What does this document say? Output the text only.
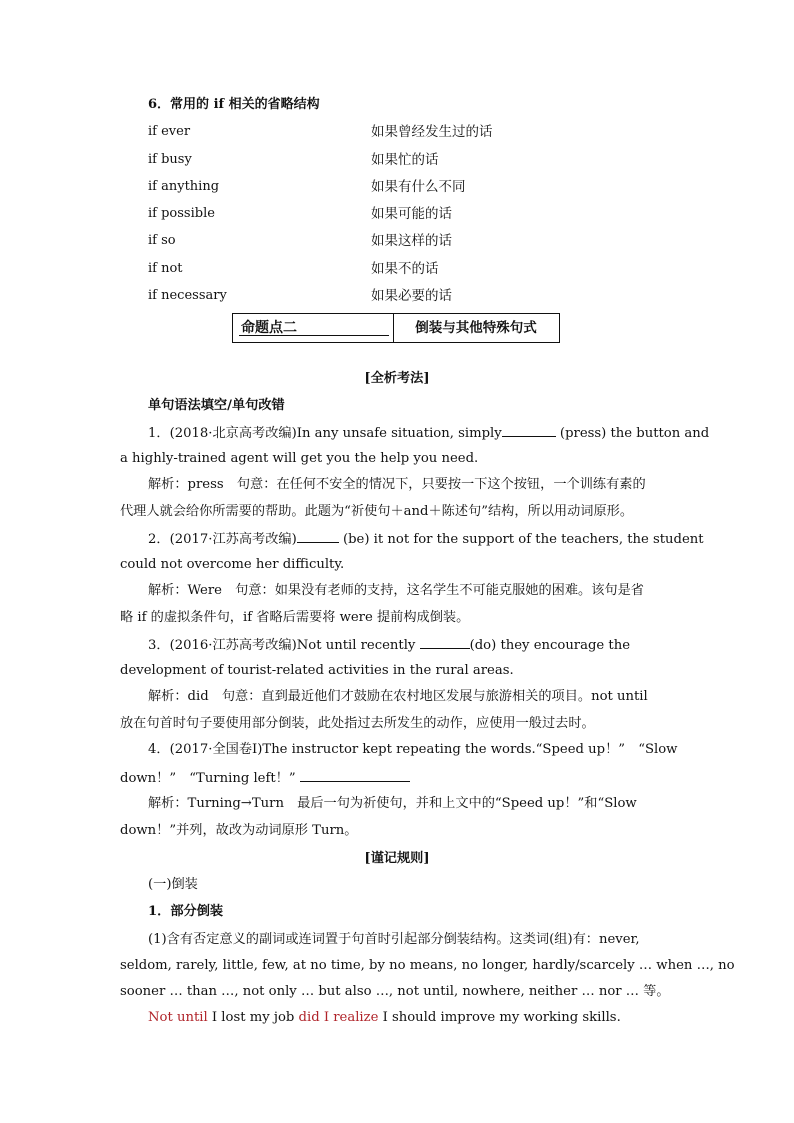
6．常用的 if 相关的省略结构
if ever	如果曾经发生过的话
if busy	如果忙的话
if anything	如果有什么不同
if possible	如果可能的话
if so	如果这样的话
if not	如果不的话
if necessary	如果必要的话
命题点二	倒装与其他特殊句式
[全析考法]
单句语法填空/单句改错
1．(2018·北京高考改编)In any unsafe situation, simply	(press) the button and
a highly-trained agent will get you the help you need.
解析：press　句意：在任何不安全的情况下，只要按一下这个按钮，一个训练有素的
代理人就会给你所需要的帮助。此题为“祈使句＋and＋陈述句”结构，所以用动词原形。
2．(2017·江苏高考改编)	(be) it not for the support of the teachers, the student
could not overcome her difficulty.
解析：Were　句意：如果没有老师的支持，这名学生不可能克服她的困难。该句是省
略 if 的虚拟条件句，if 省略后需要将 were 提前构成倒装。
3．(2016·江苏高考改编)Not until recently	(do) they encourage the
development of tourist-related activities in the rural areas.
解析：did　句意：直到最近他们才鼓励在农村地区发展与旅游相关的项目。not until
放在句首时句子要使用部分倒装，此处指过去所发生的动作，应使用一般过去时。
4．(2017·全国卷Ⅰ)The instructor kept repeating the words.“Speed up！”　“Slow
down！”　“Turning left！”
解析：Turning→Turn　最后一句为祈使句，并和上文中的“Speed up！”和“Slow
down！”并列，故改为动词原形 Turn。
[谨记规则]
(一)倒装
1．部分倒装
(1)含有否定意义的副词或连词置于句首时引起部分倒装结构。这类词(组)有：never,
seldom, rarely, little, few, at no time, by no means, no longer, hardly/scarcely … when …, no
sooner … than …, not only … but also …, not until, nowhere, neither … nor … 等。
Not until I lost my job did I realize I should improve my working skills.
